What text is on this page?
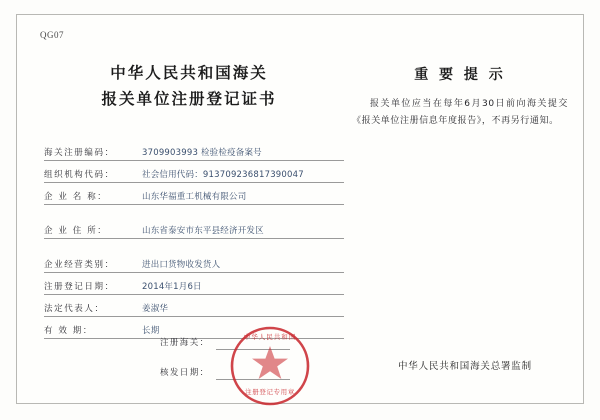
QG07
中华人民共和国海关
报关单位注册登记证书
重 要 提 示
报关单位应当在每年6月30日前向海关提交《报关单位注册信息年度报告》，不再另行通知。
海关注册编码：	3709903993 检验检疫备案号
组织机构代码：	社会信用代码：913709236817390047
企 业 名 称：	山东华福重工机械有限公司
企 业 住 所：	山东省泰安市东平县经济开发区
企业经营类别：	进出口货物收发货人
注册登记日期：	2014年1月6日
法定代表人：	姜淑华
有 效 期：	长期
注册海关：
核发日期：
中华人民共和国
注册登记专用章
中华人民共和国海关总署监制
